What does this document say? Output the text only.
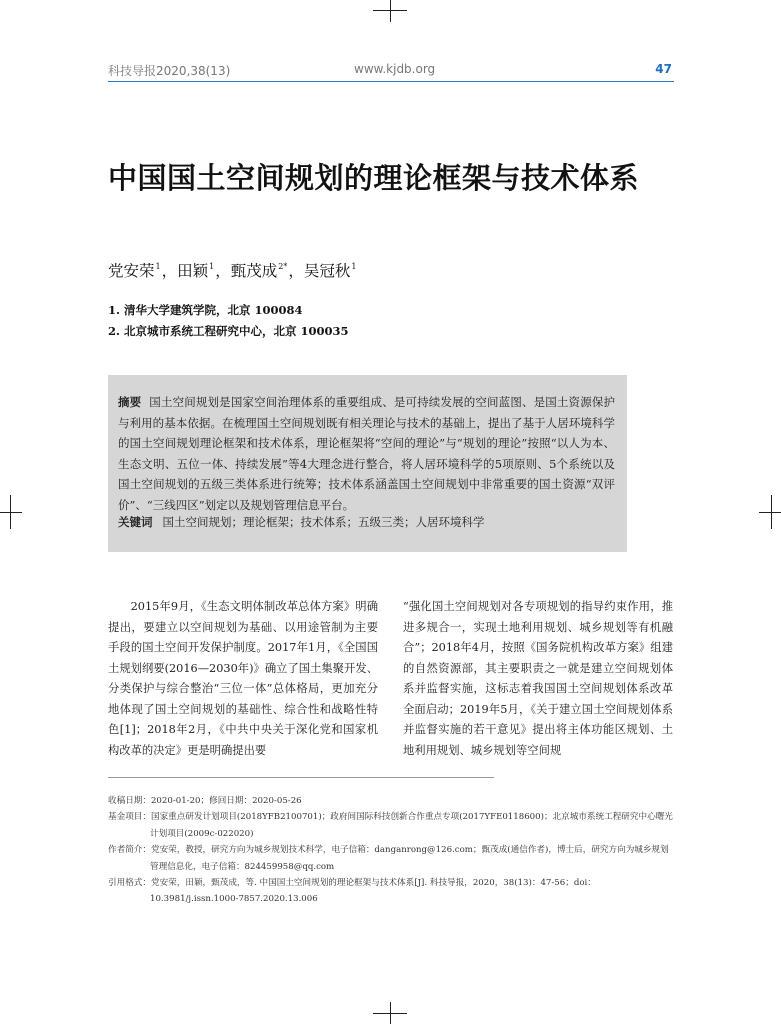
科技导报2020,38(13)	www.kjdb.org	47
中国国土空间规划的理论框架与技术体系
党安荣$^1$，田颖$^1$，甄茂成$^{2*}$，吴冠秋$^1$
1. 清华大学建筑学院，北京 100084
2. 北京城市系统工程研究中心，北京 100035
摘要 国土空间规划是国家空间治理体系的重要组成、是可持续发展的空间蓝图、是国土资源保护与利用的基本依据。在梳理国土空间规划既有相关理论与技术的基础上，提出了基于人居环境科学的国土空间规划理论框架和技术体系，理论框架将“空间的理论”与“规划的理论”按照“以人为本、生态文明、五位一体、持续发展”等4大理念进行整合，将人居环境科学的5项原则、5个系统以及国土空间规划的五级三类体系进行统筹；技术体系涵盖国土空间规划中非常重要的国土资源“双评价”、“三线四区”划定以及规划管理信息平台。
关键词 国土空间规划；理论框架；技术体系；五级三类；人居环境科学
2015年9月，《生态文明体制改革总体方案》明确提出，要建立以空间规划为基础、以用途管制为主要手段的国土空间开发保护制度。2017年1月，《全国国土规划纲要(2016—2030年)》确立了国土集聚开发、分类保护与综合整治“三位一体”总体格局，更加充分地体现了国土空间规划的基础性、综合性和战略性特色[1]；2018年2月，《中共中央关于深化党和国家机构改革的决定》更是明确提出要
“强化国土空间规划对各专项规划的指导约束作用，推进多规合一，实现土地利用规划、城乡规划等有机融合”；2018年4月，按照《国务院机构改革方案》组建的自然资源部，其主要职责之一就是建立空间规划体系并监督实施，这标志着我国国土空间规划体系改革全面启动；2019年5月，《关于建立国土空间规划体系并监督实施的若干意见》提出将主体功能区规划、土地利用规划、城乡规划等空间规
收稿日期：2020-01-20；修回日期：2020-05-26
基金项目：国家重点研发计划项目(2018YFB2100701)；政府间国际科技创新合作重点专项(2017YFE0118600)；北京城市系统工程研究中心曙光计划项目(2009c-022020)
作者简介：党安荣，教授，研究方向为城乡规划技术科学，电子信箱：danganrong@126.com；甄茂成(通信作者)，博士后，研究方向为城乡规划管理信息化，电子信箱：824459958@qq.com
引用格式：党安荣，田颖，甄茂成，等. 中国国土空间规划的理论框架与技术体系[J]. 科技导报，2020，38(13)：47-56；doi：10.3981/j.issn.1000-7857.2020.13.006
